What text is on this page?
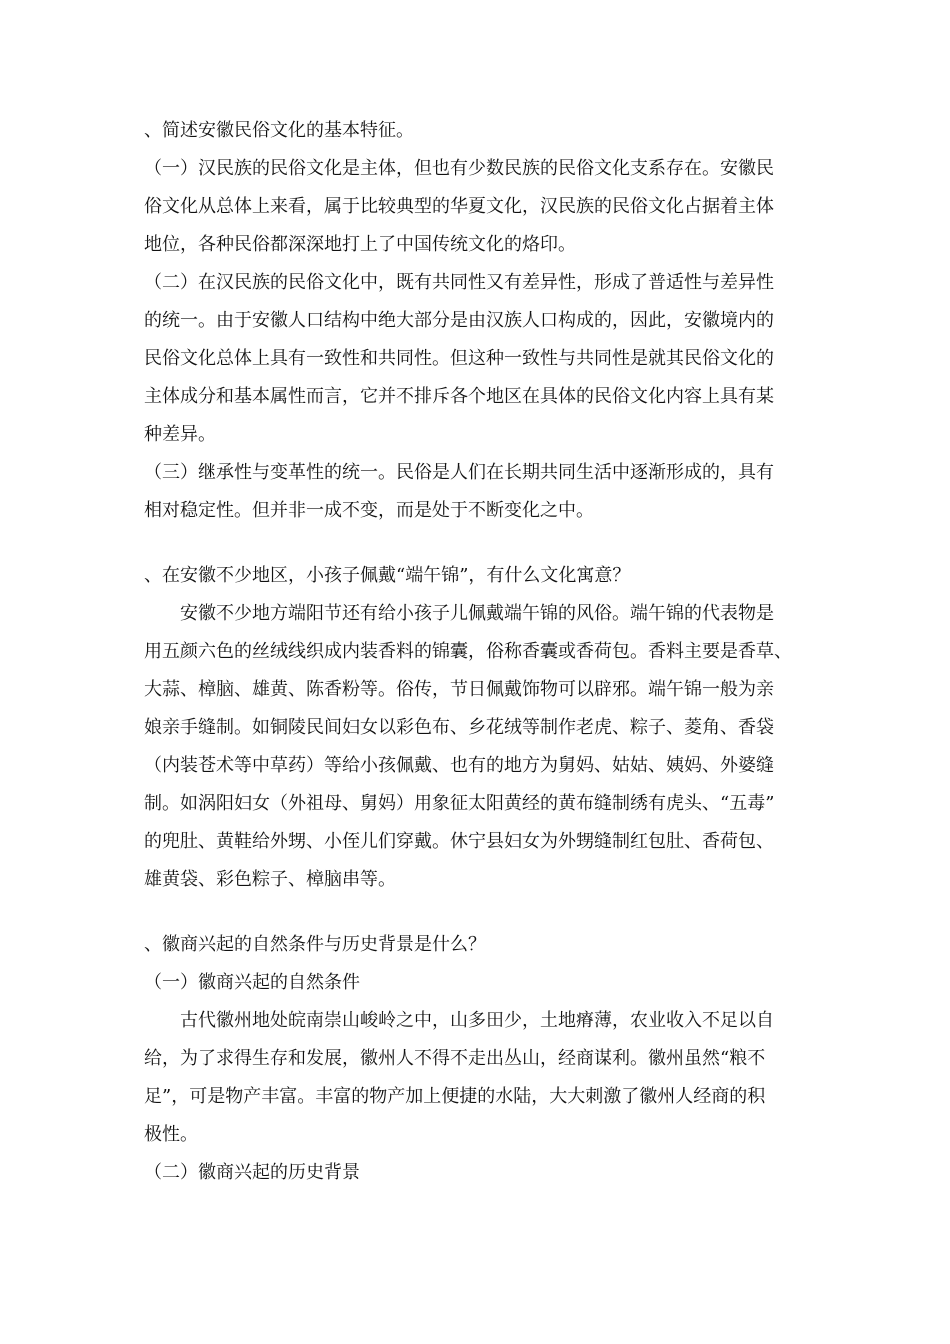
、简述安徽民俗文化的基本特征。
（一）汉民族的民俗文化是主体，但也有少数民族的民俗文化支系存在。安徽民
俗文化从总体上来看，属于比较典型的华夏文化，汉民族的民俗文化占据着主体
地位，各种民俗都深深地打上了中国传统文化的烙印。
（二）在汉民族的民俗文化中，既有共同性又有差异性，形成了普适性与差异性
的统一。由于安徽人口结构中绝大部分是由汉族人口构成的，因此，安徽境内的
民俗文化总体上具有一致性和共同性。但这种一致性与共同性是就其民俗文化的
主体成分和基本属性而言，它并不排斥各个地区在具体的民俗文化内容上具有某
种差异。
（三）继承性与变革性的统一。民俗是人们在长期共同生活中逐渐形成的，具有
相对稳定性。但并非一成不变，而是处于不断变化之中。
、在安徽不少地区，小孩子佩戴“端午锦”，有什么文化寓意？
安徽不少地方端阳节还有给小孩子儿佩戴端午锦的风俗。端午锦的代表物是
用五颜六色的丝绒线织成内装香料的锦囊，俗称香囊或香荷包。香料主要是香草、
大蒜、樟脑、雄黄、陈香粉等。俗传，节日佩戴饰物可以辟邪。端午锦一般为亲
娘亲手缝制。如铜陵民间妇女以彩色布、乡花绒等制作老虎、粽子、菱角、香袋
（内装苍术等中草药）等给小孩佩戴、也有的地方为舅妈、姑姑、姨妈、外婆缝
制。如涡阳妇女（外祖母、舅妈）用象征太阳黄经的黄布缝制绣有虎头、“五毒”
的兜肚、黄鞋给外甥、小侄儿们穿戴。休宁县妇女为外甥缝制红包肚、香荷包、
雄黄袋、彩色粽子、樟脑串等。
、徽商兴起的自然条件与历史背景是什么？
（一）徽商兴起的自然条件
古代徽州地处皖南崇山峻岭之中，山多田少，土地瘠薄，农业收入不足以自
给，为了求得生存和发展，徽州人不得不走出丛山，经商谋利。徽州虽然“粮不
足”，可是物产丰富。丰富的物产加上便捷的水陆，大大刺激了徽州人经商的积
极性。
（二）徽商兴起的历史背景
